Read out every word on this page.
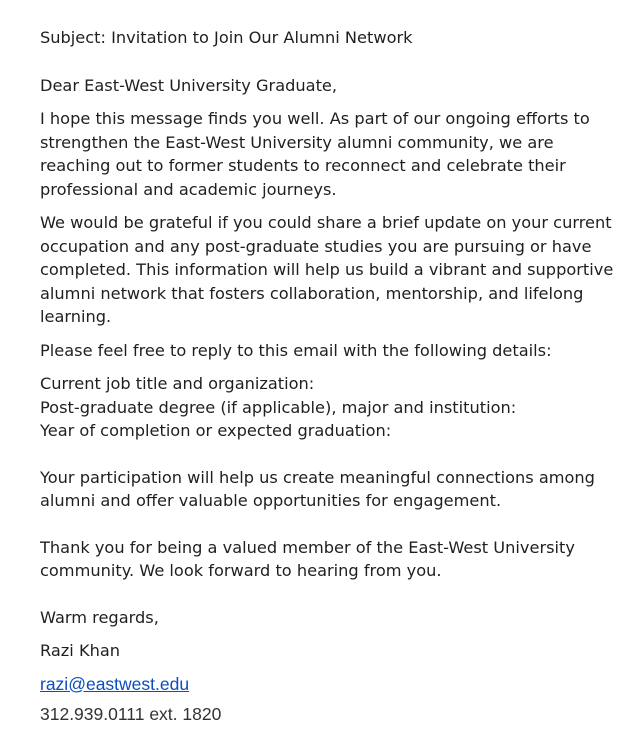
Subject: Invitation to Join Our Alumni Network

Dear East-West University Graduate,

I hope this message finds you well. As part of our ongoing efforts to strengthen the East-West University alumni community, we are reaching out to former students to reconnect and celebrate their professional and academic journeys.

We would be grateful if you could share a brief update on your current occupation and any post-graduate studies you are pursuing or have completed. This information will help us build a vibrant and supportive alumni network that fosters collaboration, mentorship, and lifelong learning.

Please feel free to reply to this email with the following details:

Current job title and organization:
Post-graduate degree (if applicable), major and institution:
Year of completion or expected graduation:

Your participation will help us create meaningful connections among alumni and offer valuable opportunities for engagement.

Thank you for being a valued member of the East-West University community. We look forward to hearing from you.

Warm regards,

Razi Khan

razi@eastwest.edu

312.939.0111 ext. 1820
